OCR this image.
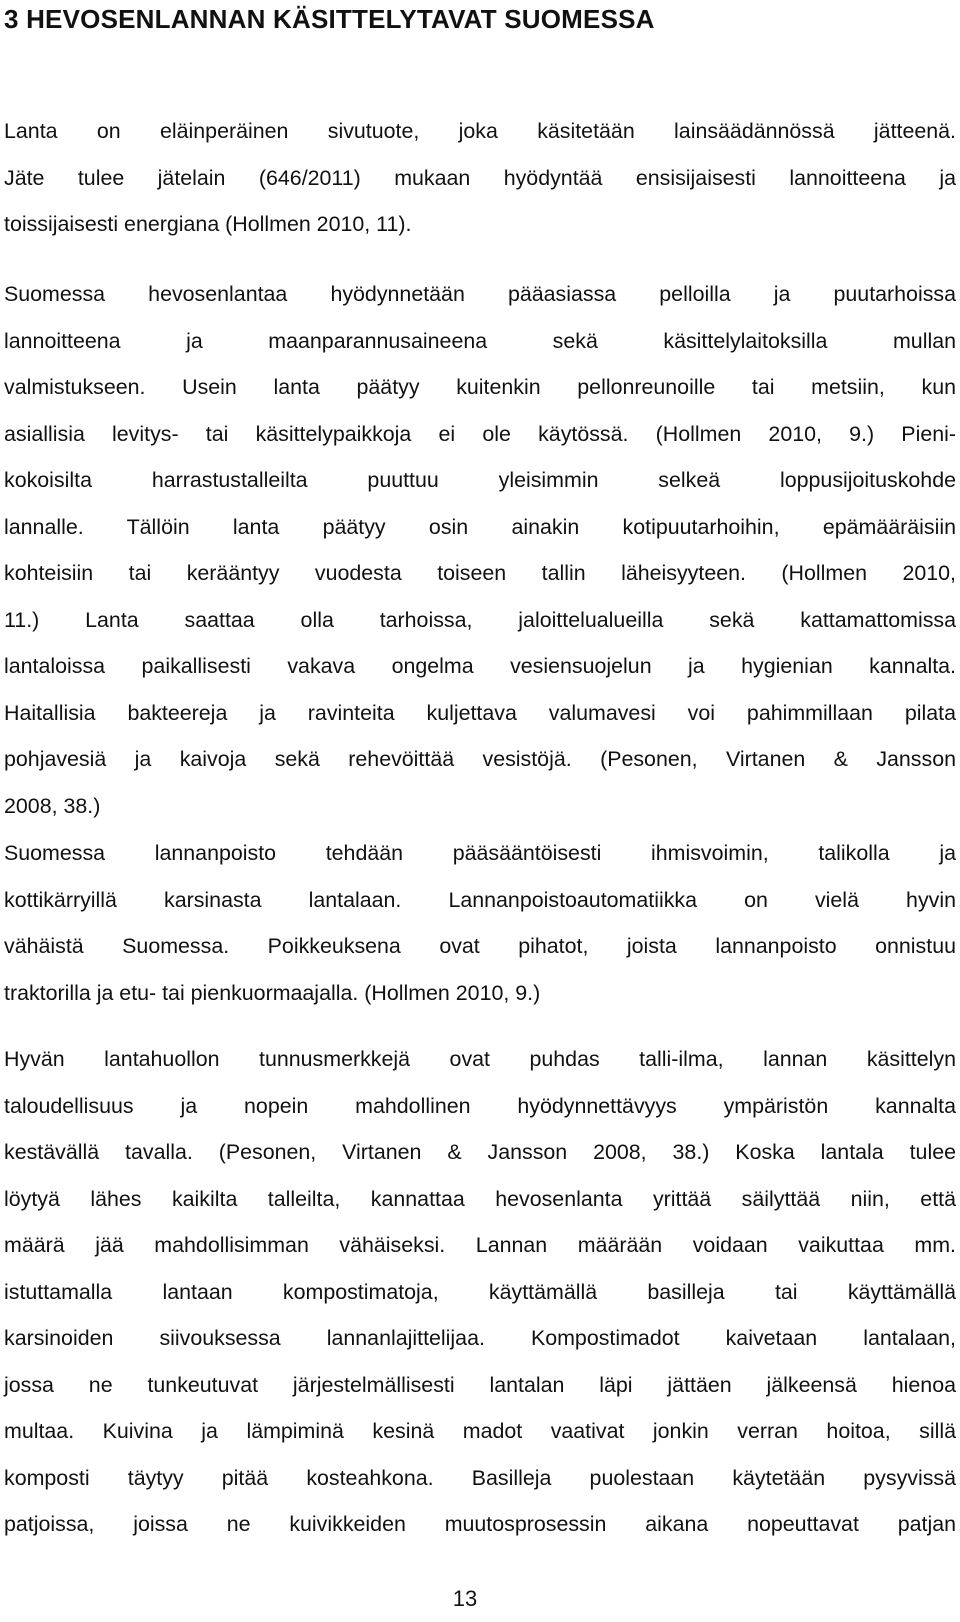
3 HEVOSENLANNAN KÄSITTELYTAVAT SUOMESSA

Lanta on eläinperäinen sivutuote, joka käsitetään lainsäädännössä jätteenä.
Jäte tulee jätelain (646/2011) mukaan hyödyntää ensisijaisesti lannoitteena ja
toissijaisesti energiana (Hollmen 2010, 11).

Suomessa hevosenlantaa hyödynnetään pääasiassa pelloilla ja puutarhoissa
lannoitteena ja maanparannusaineena sekä käsittelylaitoksilla mullan
valmistukseen. Usein lanta päätyy kuitenkin pellonreunoille tai metsiin, kun
asiallisia levitys- tai käsittelypaikkoja ei ole käytössä. (Hollmen 2010, 9.) Pieni-
kokoisilta harrastustalleilta puuttuu yleisimmin selkeä loppusijoituskohde
lannalle. Tällöin lanta päätyy osin ainakin kotipuutarhoihin, epämääräisiin
kohteisiin tai kerääntyy vuodesta toiseen tallin läheisyyteen. (Hollmen 2010,
11.) Lanta saattaa olla tarhoissa, jaloittelualueilla sekä kattamattomissa
lantaloissa paikallisesti vakava ongelma vesiensuojelun ja hygienian kannalta.
Haitallisia bakteereja ja ravinteita kuljettava valumavesi voi pahimmillaan pilata
pohjavesiä ja kaivoja sekä rehevöittää vesistöjä. (Pesonen, Virtanen & Jansson
2008, 38.)

Suomessa lannanpoisto tehdään pääsääntöisesti ihmisvoimin, talikolla ja
kottikärryillä karsinasta lantalaan. Lannanpoistoautomatiikka on vielä hyvin
vähäistä Suomessa. Poikkeuksena ovat pihatot, joista lannanpoisto onnistuu
traktorilla ja etu- tai pienkuormaajalla. (Hollmen 2010, 9.)

Hyvän lantahuollon tunnusmerkkejä ovat puhdas talli-ilma, lannan käsittelyn
taloudellisuus ja nopein mahdollinen hyödynnettävyys ympäristön kannalta
kestävällä tavalla. (Pesonen, Virtanen & Jansson 2008, 38.) Koska lantala tulee
löytyä lähes kaikilta talleilta, kannattaa hevosenlanta yrittää säilyttää niin, että
määrä jää mahdollisimman vähäiseksi. Lannan määrään voidaan vaikuttaa mm.
istuttamalla lantaan kompostimatoja, käyttämällä basilleja tai käyttämällä
karsinoiden siivouksessa lannanlajittelijaa. Kompostimadot kaivetaan lantalaan,
jossa ne tunkeutuvat järjestelmällisesti lantalan läpi jättäen jälkeensä hienoa
multaa. Kuivina ja lämpiminä kesinä madot vaativat jonkin verran hoitoa, sillä
komposti täytyy pitää kosteahkona. Basilleja puolestaan käytetään pysyvissä
patjoissa, joissa ne kuivikkeiden muutosprosessin aikana nopeuttavat patjan

13
